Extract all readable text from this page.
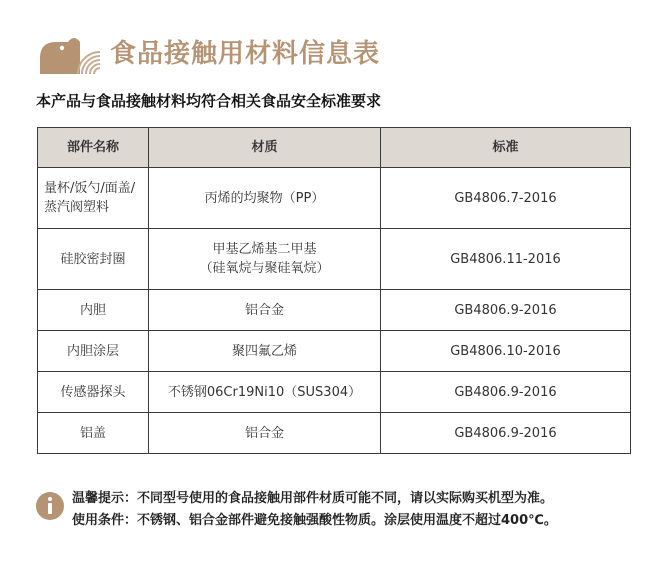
食品接触用材料信息表
本产品与食品接触材料均符合相关食品安全标准要求
部件名称	材质	标准

量杯/饭勺/面盖/
蒸汽阀塑料	丙烯的均聚物（PP）	GB4806.7-2016

硅胶密封圈	甲基乙烯基二甲基
（硅氧烷与聚硅氧烷）	GB4806.11-2016

内胆	铝合金	GB4806.9-2016

内胆涂层	聚四氟乙烯	GB4806.10-2016

传感器探头	不锈钢06Cr19Ni10（SUS304）	GB4806.9-2016

铝盖	铝合金	GB4806.9-2016
温馨提示：不同型号使用的食品接触用部件材质可能不同，请以实际购买机型为准。
使用条件：不锈钢、铝合金部件避免接触强酸性物质。涂层使用温度不超过400℃。
